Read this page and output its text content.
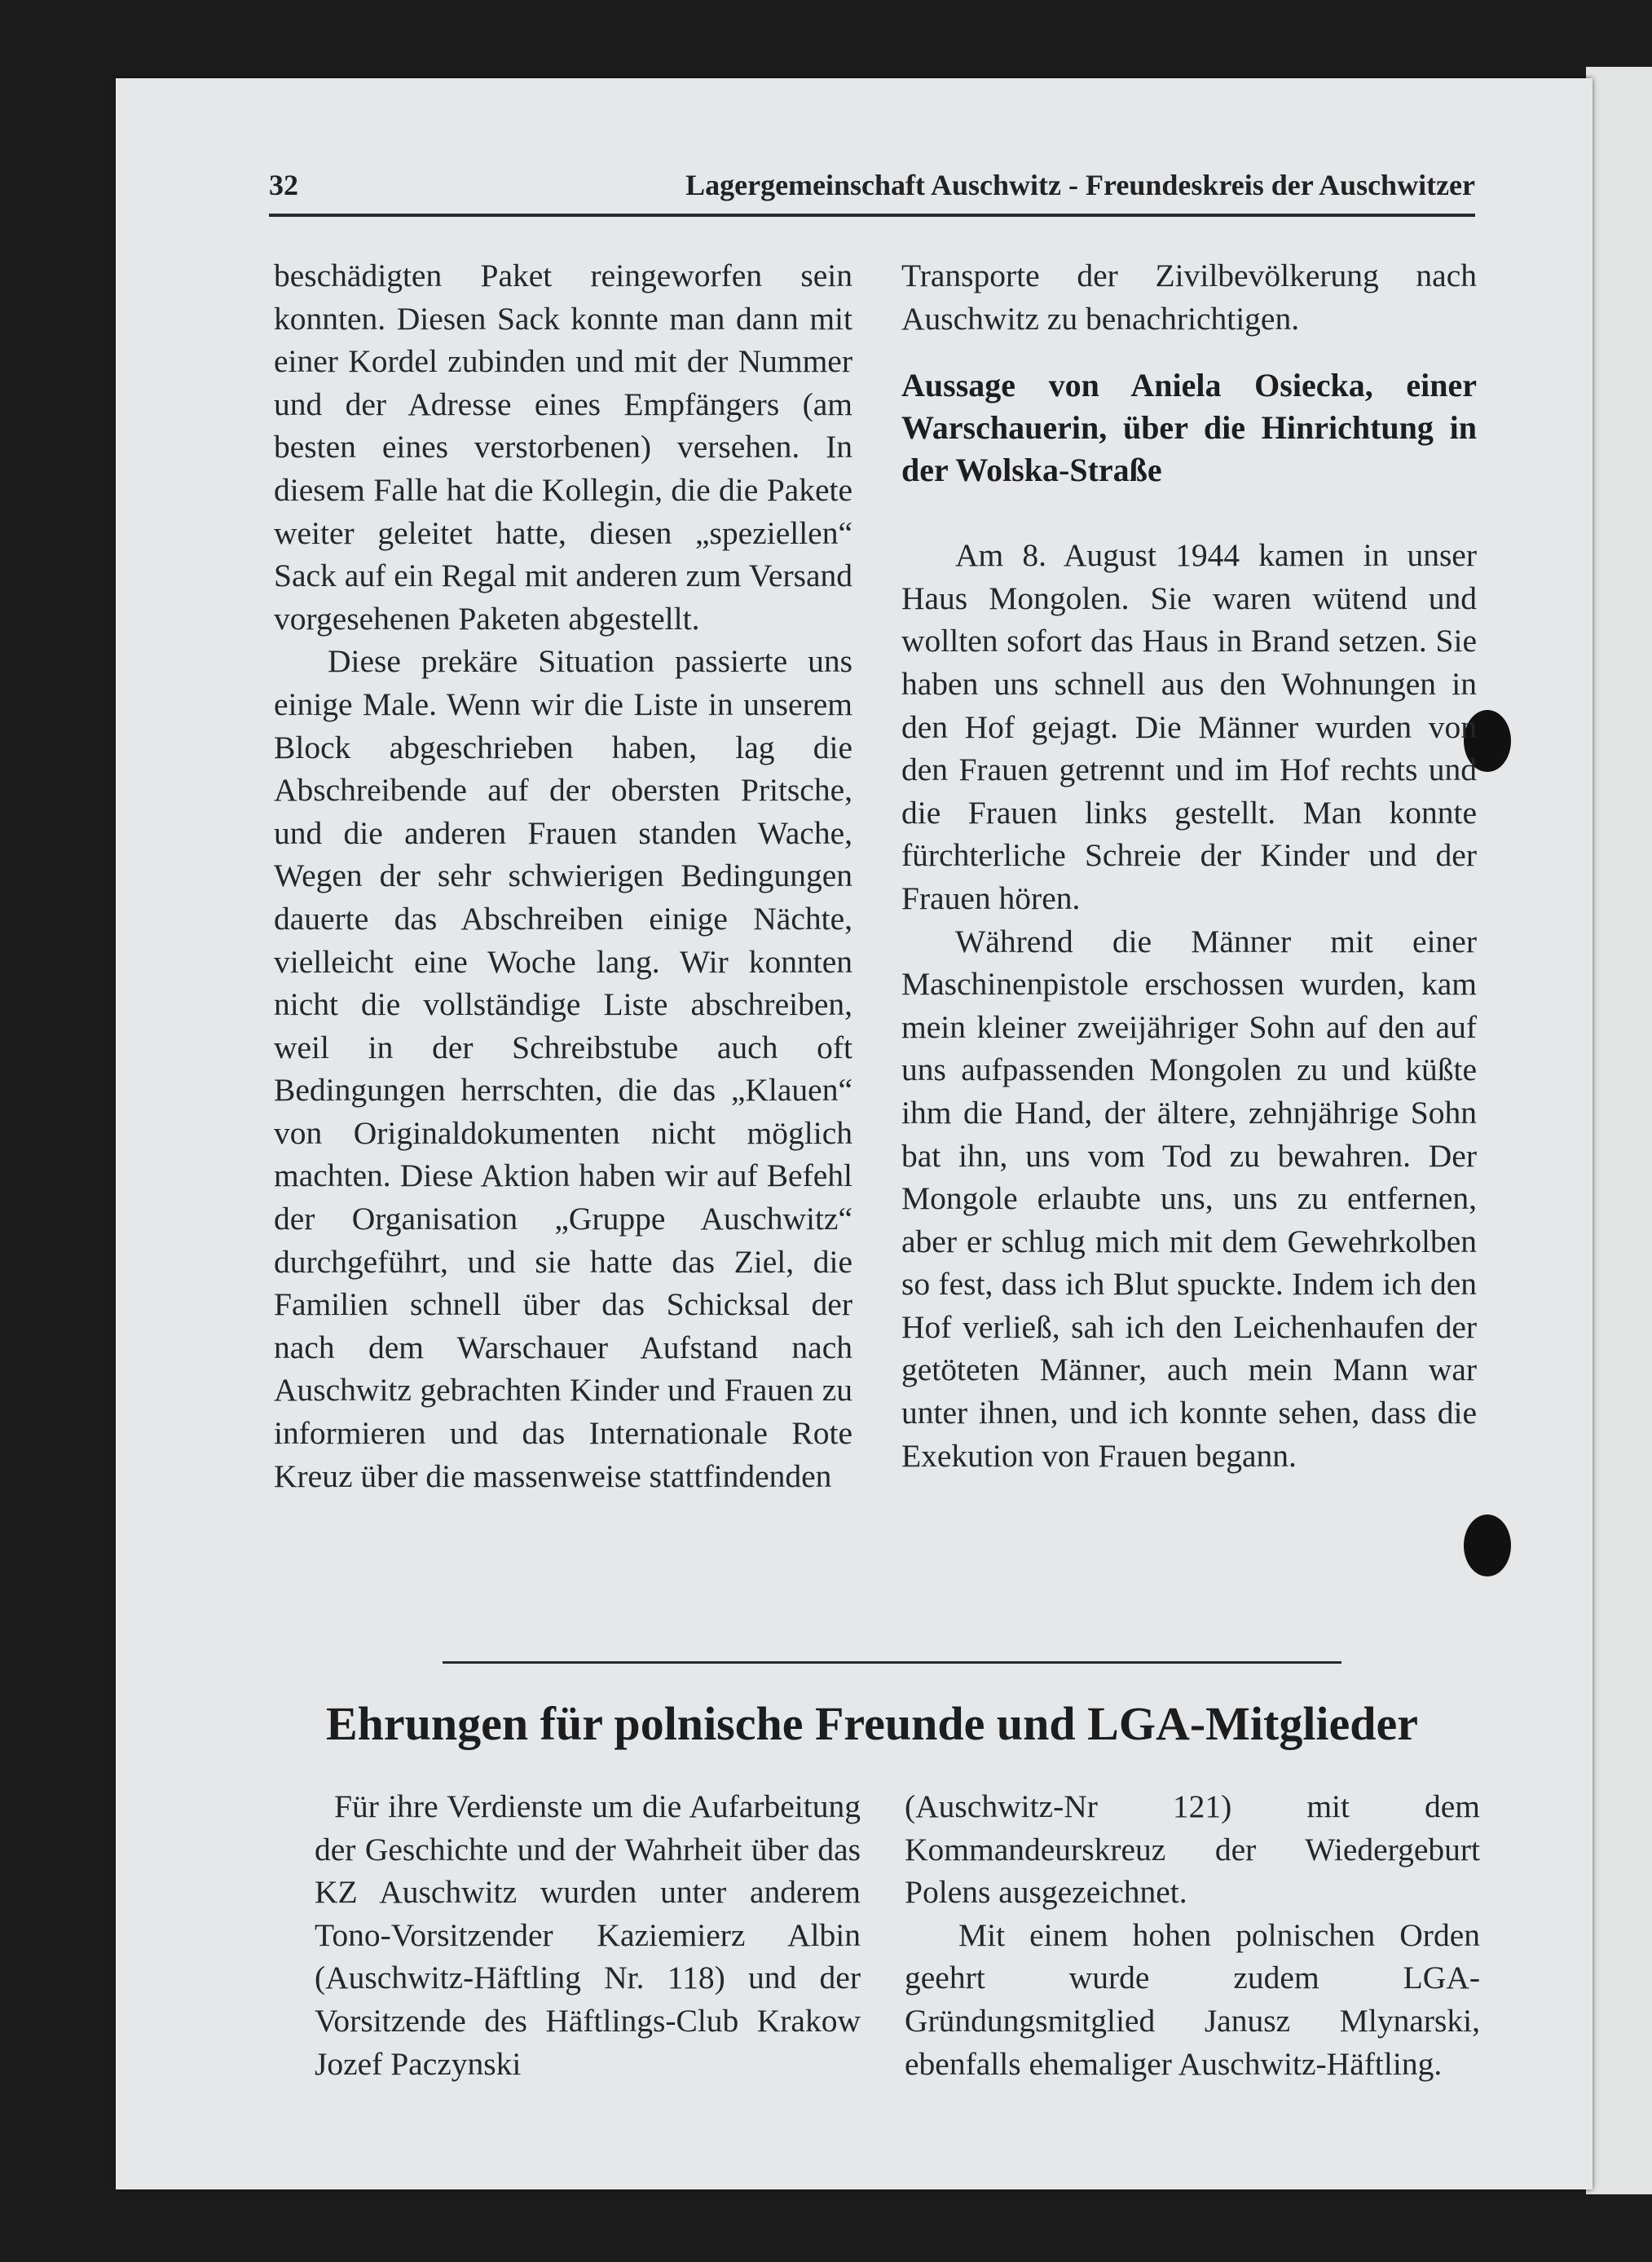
32	Lagergemeinschaft Auschwitz - Freundeskreis der Auschwitzer

beschädigten Paket reingeworfen sein konnten. Diesen Sack konnte man dann mit einer Kordel zubinden und mit der Nummer und der Adresse eines Empfängers (am besten eines verstorbenen) versehen. In diesem Falle hat die Kollegin, die die Pakete weiter geleitet hatte, diesen „speziellen“ Sack auf ein Regal mit anderen zum Versand vorgesehenen Paketen abgestellt.

Diese prekäre Situation passierte uns einige Male. Wenn wir die Liste in unserem Block abgeschrieben haben, lag die Abschreibende auf der obersten Pritsche, und die anderen Frauen standen Wache, Wegen der sehr schwierigen Bedingungen dauerte das Abschreiben einige Nächte, vielleicht eine Woche lang. Wir konnten nicht die vollständige Liste abschreiben, weil in der Schreibstube auch oft Bedingungen herrschten, die das „Klauen“ von Originaldokumenten nicht möglich machten. Diese Aktion haben wir auf Befehl der Organisation „Gruppe Auschwitz“ durchgeführt, und sie hatte das Ziel, die Familien schnell über das Schicksal der nach dem Warschauer Aufstand nach Auschwitz gebrachten Kinder und Frauen zu informieren und das Internationale Rote Kreuz über die massenweise stattfindenden

Transporte der Zivilbevölkerung nach Auschwitz zu benachrichtigen.

Aussage von Aniela Osiecka, einer Warschauerin, über die Hinrichtung in der Wolska-Straße

Am 8. August 1944 kamen in unser Haus Mongolen. Sie waren wütend und wollten sofort das Haus in Brand setzen. Sie haben uns schnell aus den Wohnungen in den Hof gejagt. Die Männer wurden von den Frauen getrennt und im Hof rechts und die Frauen links gestellt. Man konnte fürchterliche Schreie der Kinder und der Frauen hören.

Während die Männer mit einer Maschinenpistole erschossen wurden, kam mein kleiner zweijähriger Sohn auf den auf uns aufpassenden Mongolen zu und küßte ihm die Hand, der ältere, zehnjährige Sohn bat ihn, uns vom Tod zu bewahren. Der Mongole erlaubte uns, uns zu entfernen, aber er schlug mich mit dem Gewehrkolben so fest, dass ich Blut spuckte. Indem ich den Hof verließ, sah ich den Leichenhaufen der getöteten Männer, auch mein Mann war unter ihnen, und ich konnte sehen, dass die Exekution von Frauen begann.

Ehrungen für polnische Freunde und LGA-Mitglieder

Für ihre Verdienste um die Aufarbeitung der Geschichte und der Wahrheit über das KZ Auschwitz wurden unter anderem Tono-Vorsitzender Kaziemierz Albin (Auschwitz-Häftling Nr. 118) und der Vorsitzende des Häftlings-Club Krakow Jozef Paczynski

(Auschwitz-Nr 121) mit dem Kommandeurskreuz der Wiedergeburt Polens ausgezeichnet.

Mit einem hohen polnischen Orden geehrt wurde zudem LGA-Gründungsmitglied Janusz Mlynarski, ebenfalls ehemaliger Auschwitz-Häftling.
